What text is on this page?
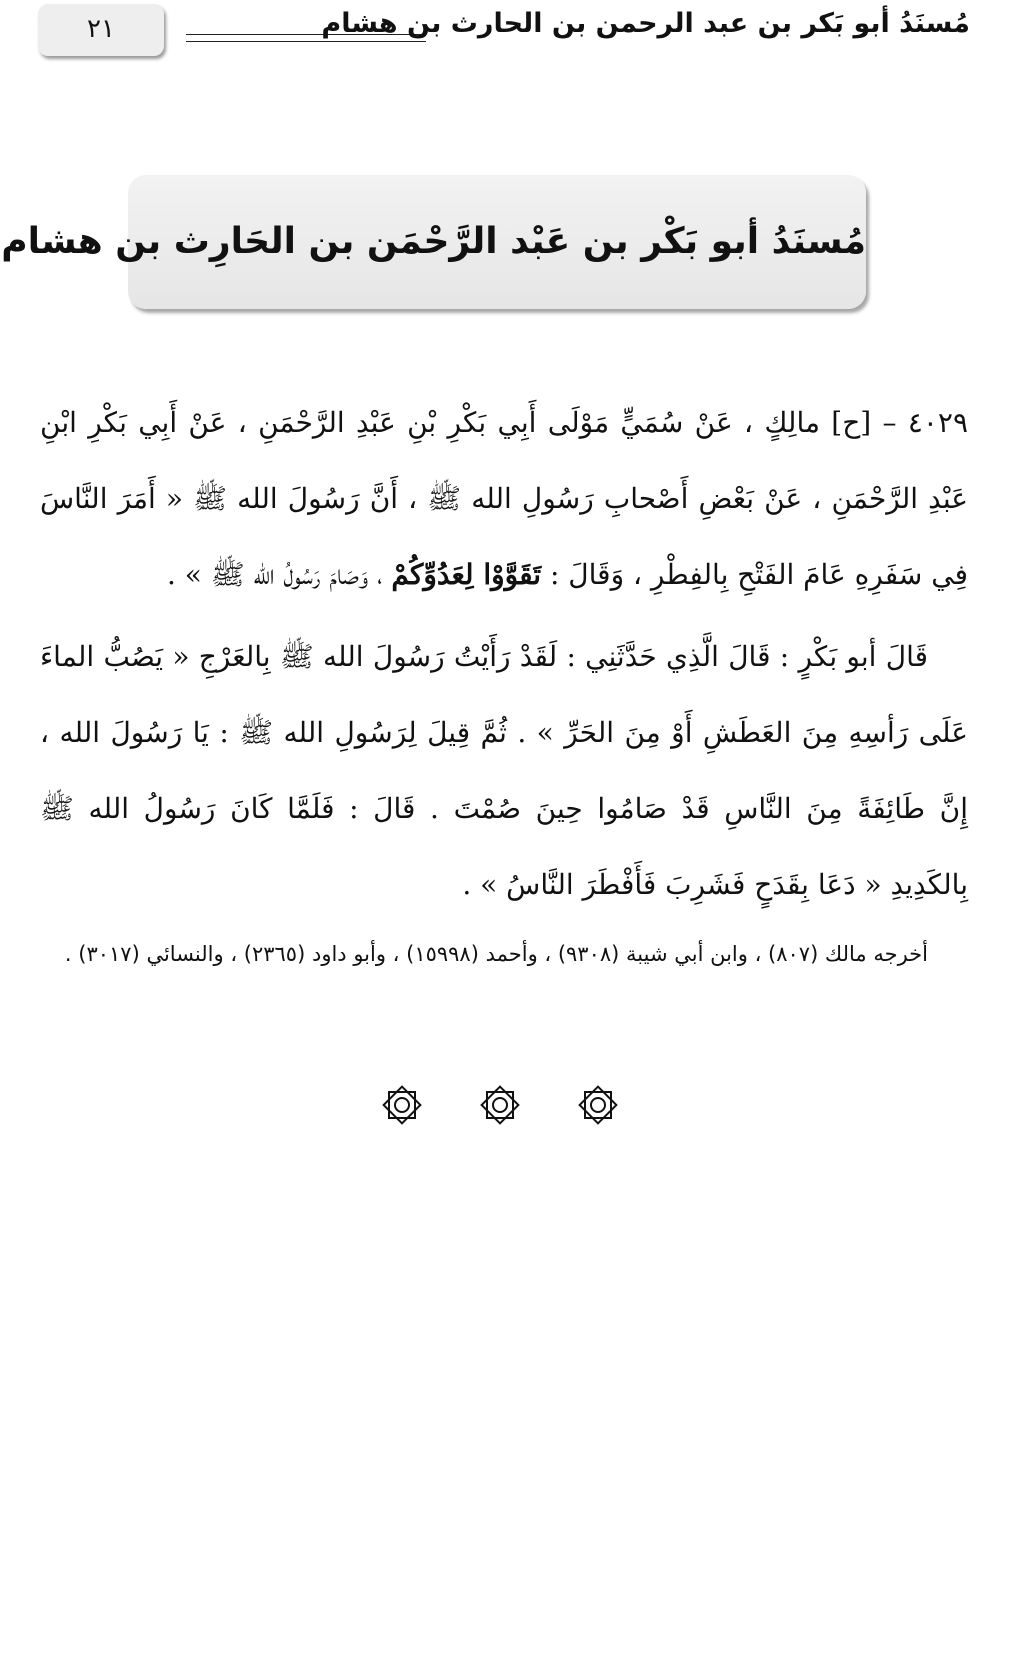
٢١	مُسنَدُ أبو بَكر بن عبد الرحمن بن الحارث بن هشام
مُسنَدُ أبو بَكْر بن عَبْد الرَّحْمَن بن الحَارِث بن هشام

٤٠٢٩ – [ح] مالِكٍ ، عَنْ سُمَيٍّ مَوْلَى أَبِي بَكْرِ بْنِ عَبْدِ الرَّحْمَنِ ، عَنْ أَبِي بَكْرِ ابْنِ عَبْدِ الرَّحْمَنِ ، عَنْ بَعْضِ أَصْحابِ رَسُولِ الله ﷺ ، أَنَّ رَسُولَ الله ﷺ « أَمَرَ النَّاسَ فِي سَفَرِهِ عَامَ الفَتْحِ بِالفِطْرِ ، وَقَالَ : تَقَوَّوْا لِعَدُوِّكُمْ ، وَصَامَ رَسُولُ الله ﷺ » .

قَالَ أبو بَكْرٍ : قَالَ الَّذِي حَدَّثَنِي : لَقَدْ رَأَيْتُ رَسُولَ الله ﷺ بِالعَرْجِ « يَصُبُّ الماءَ عَلَى رَأسِهِ مِنَ العَطَشِ أَوْ مِنَ الحَرِّ » . ثُمَّ قِيلَ لِرَسُولِ الله ﷺ : يَا رَسُولَ الله ، إِنَّ طَائِفَةً مِنَ النَّاسِ قَدْ صَامُوا حِينَ صُمْتَ . قَالَ : فَلَمَّا كَانَ رَسُولُ الله ﷺ بِالكَدِيدِ « دَعَا بِقَدَحٍ فَشَرِبَ فَأَفْطَرَ النَّاسُ » .

أخرجه مالك (٨٠٧) ، وابن أبي شيبة (٩٣٠٨) ، وأحمد (١٥٩٩٨) ، وأبو داود (٢٣٦٥) ، والنسائي (٣٠١٧) .
